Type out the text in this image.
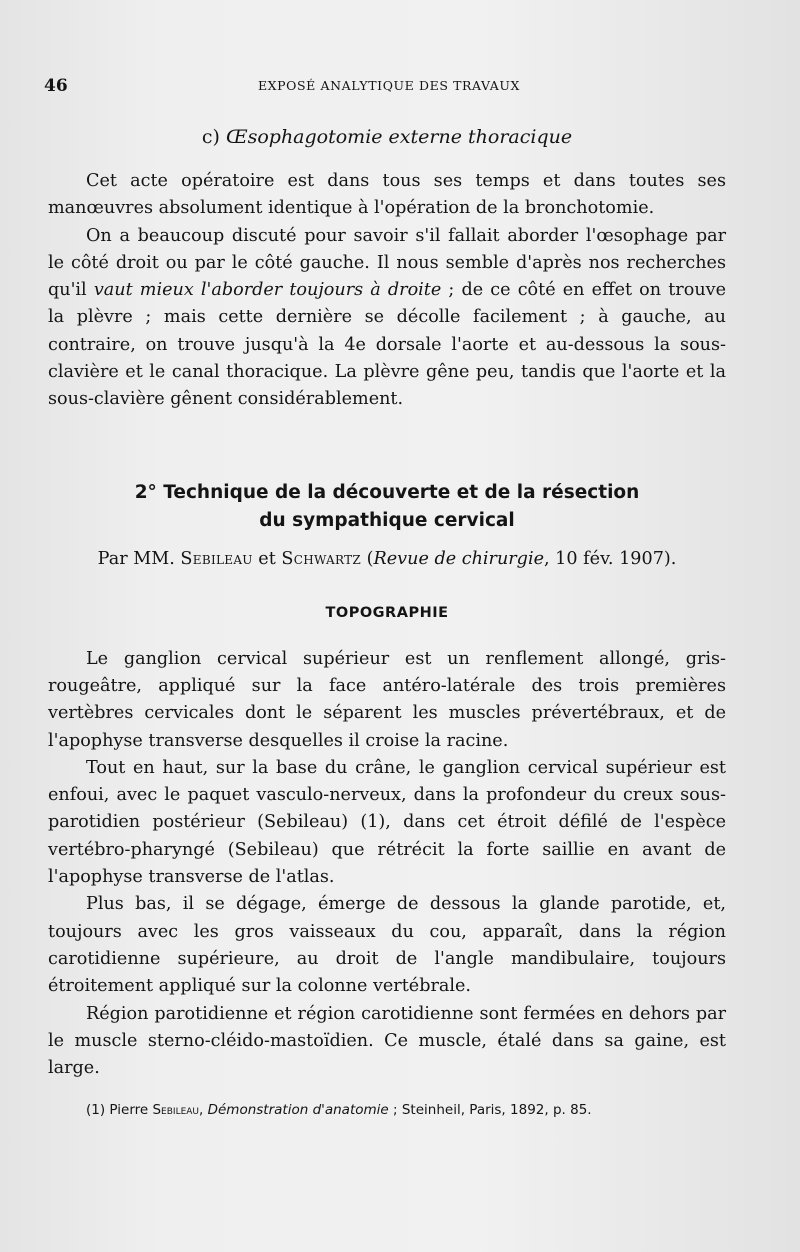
46	EXPOSÉ ANALYTIQUE DES TRAVAUX
c) Œsophagotomie externe thoracique

Cet acte opératoire est dans tous ses temps et dans toutes ses manœuvres absolument identique à l'opération de la bronchotomie.

On a beaucoup discuté pour savoir s'il fallait aborder l'œsophage par le côté droit ou par le côté gauche. Il nous semble d'après nos recherches qu'il vaut mieux l'aborder toujours à droite ; de ce côté en effet on trouve la plèvre ; mais cette dernière se décolle facilement ; à gauche, au contraire, on trouve jusqu'à la 4e dorsale l'aorte et au-dessous la sous-clavière et le canal thoracique. La plèvre gêne peu, tandis que l'aorte et la sous-clavière gênent considérablement.

2° Technique de la découverte et de la résection
du sympathique cervical
Par MM. Sebileau et Schwartz (Revue de chirurgie, 10 fév. 1907).
TOPOGRAPHIE

Le ganglion cervical supérieur est un renflement allongé, gris-rougeâtre, appliqué sur la face antéro-latérale des trois premières vertèbres cervicales dont le séparent les muscles prévertébraux, et de l'apophyse transverse desquelles il croise la racine.

Tout en haut, sur la base du crâne, le ganglion cervical supérieur est enfoui, avec le paquet vasculo-nerveux, dans la profondeur du creux sous-parotidien postérieur (Sebileau) (1), dans cet étroit défilé de l'espèce vertébro-pharyngé (Sebileau) que rétrécit la forte saillie en avant de l'apophyse transverse de l'atlas.

Plus bas, il se dégage, émerge de dessous la glande parotide, et, toujours avec les gros vaisseaux du cou, apparaît, dans la région carotidienne supérieure, au droit de l'angle mandibulaire, toujours étroitement appliqué sur la colonne vertébrale.

Région parotidienne et région carotidienne sont fermées en dehors par le muscle sterno-cléido-mastoïdien. Ce muscle, étalé dans sa gaine, est large.

(1) Pierre Sebileau, Démonstration d'anatomie ; Steinheil, Paris, 1892, p. 85.
